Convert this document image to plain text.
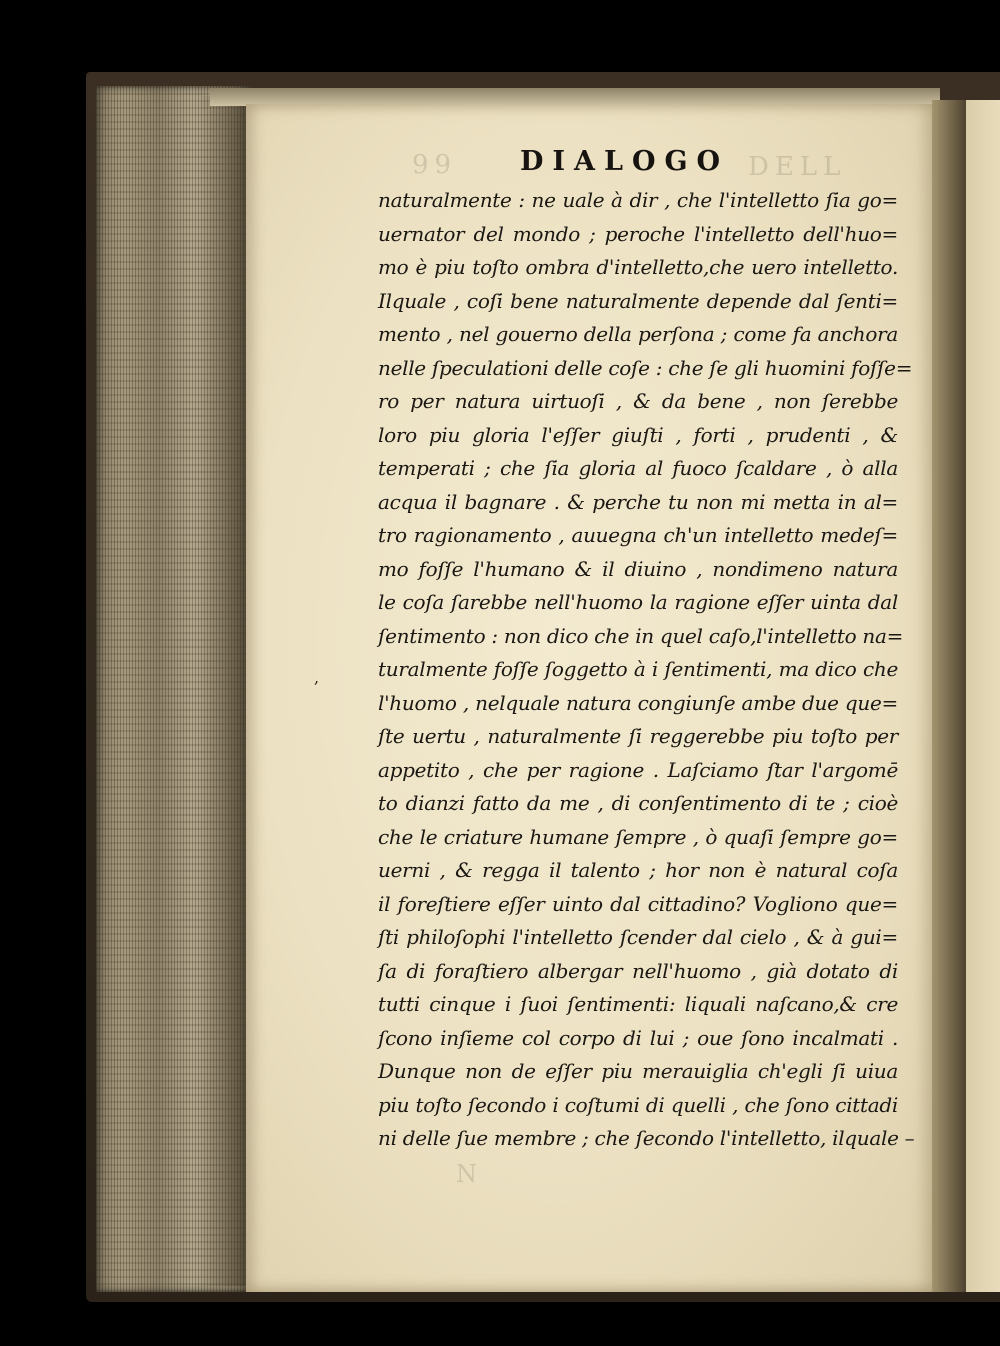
99	DELL
N
DIALOGO
,
naturalmente : ne uale à dir , che l'intelletto ſia go=
uernator del mondo ; peroche l'intelletto dell'huo=
mo è piu toſto ombra d'intelletto,che uero intelletto.
Ilquale , coſi bene naturalmente depende dal ſenti=
mento , nel gouerno della perſona ; come fa anchora
nelle ſpeculationi delle coſe : che ſe gli huomini foſſe=
ro per natura uirtuoſi , & da bene , non ſerebbe
loro piu gloria l'eſſer giuſti , forti , prudenti , &
temperati ; che ſia gloria al fuoco ſcaldare , ò alla
acqua il bagnare . & perche tu non mi metta in al=
tro ragionamento , auuegna ch'un intelletto medeſ=
mo foſſe l'humano & il diuino , nondimeno natura
le coſa ſarebbe nell'huomo la ragione eſſer uinta dal
ſentimento : non dico che in quel caſo,l'intelletto na=
turalmente foſſe ſoggetto à i ſentimenti, ma dico che
l'huomo , nelquale natura congiunſe ambe due que=
ſte uertu , naturalmente ſi reggerebbe piu toſto per
appetito , che per ragione . Laſciamo ſtar l'argomē
to dianzi fatto da me , di conſentimento di te ; cioè
che le criature humane ſempre , ò quaſi ſempre go=
uerni , & regga il talento ; hor non è natural coſa
il foreſtiere eſſer uinto dal cittadino? Vogliono que=
ſti philoſophi l'intelletto ſcender dal cielo , & à gui=
ſa di foraſtiero albergar nell'huomo , già dotato di
tutti cinque i ſuoi ſentimenti: liquali naſcano,& cre
ſcono inſieme col corpo di lui ; oue ſono incalmati .
Dunque non de eſſer piu merauiglia ch'egli ſi uiua
piu toſto ſecondo i coſtumi di quelli , che ſono cittadi
ni delle ſue membre ; che ſecondo l'intelletto, ilquale –
